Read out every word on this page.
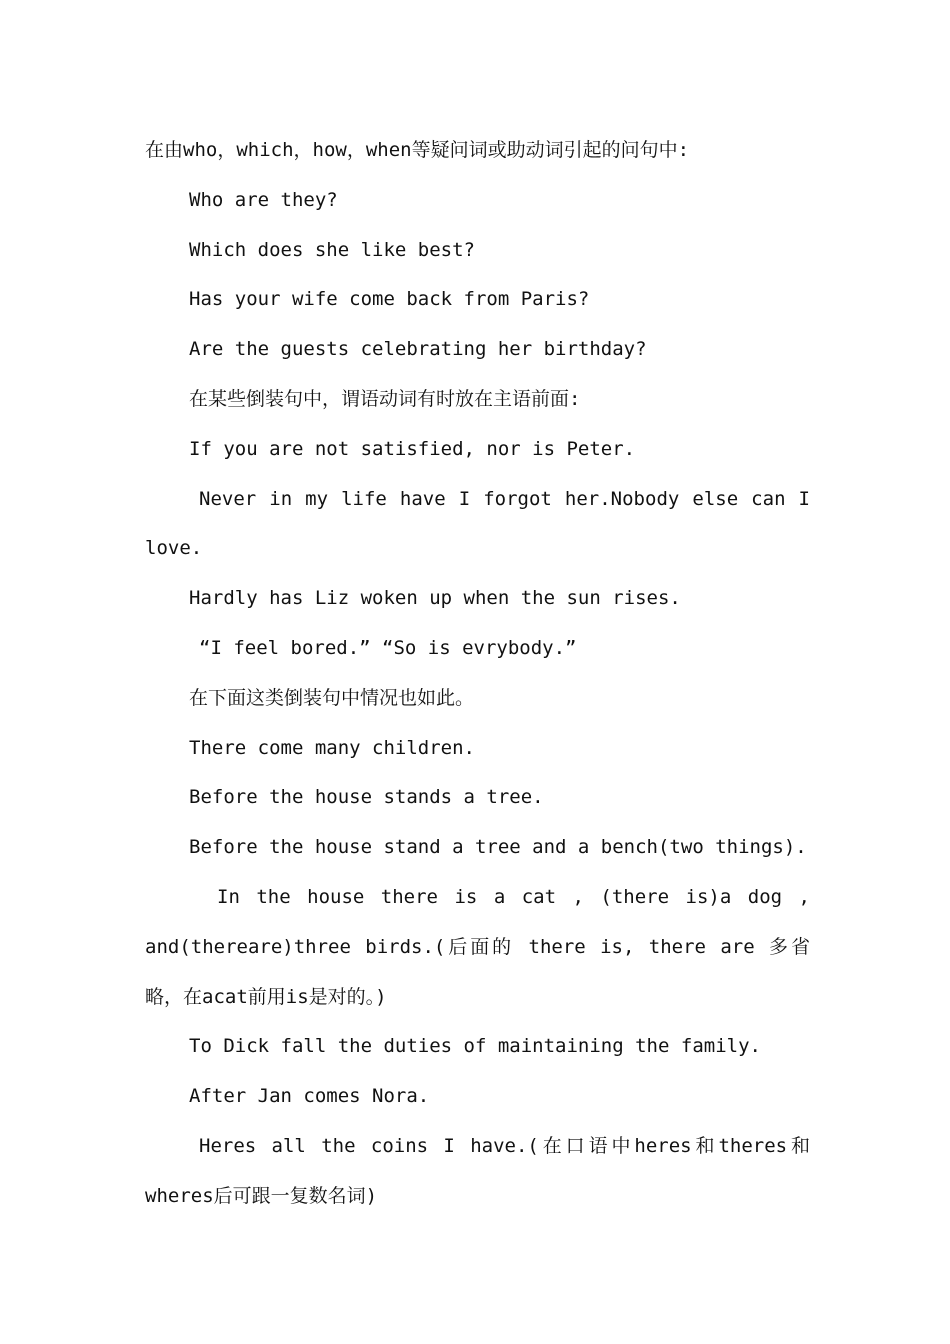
在由who，which，how，when等疑问词或助动词引起的问句中:
Who are they?
Which does she like best?
Has your wife come back from Paris?
Are the guests celebrating her birthday?
在某些倒装句中，谓语动词有时放在主语前面:
If you are not satisfied, nor is Peter.
Never in my life have I forgot her.Nobody else can I
love.
Hardly has Liz woken up when the sun rises.
“I feel bored.” “So is evrybody.”
在下面这类倒装句中情况也如此。
There come many children.
Before the house stands a tree.
Before the house stand a tree and a bench(two things).
In the house there is a cat , (there is)a dog ,
and(thereare)three birds.(后面的 there is, there are 多省
略，在acat前用is是对的。)
To Dick fall the duties of maintaining the family.
After Jan comes Nora.
Heres all the coins I have.(在口语中heres和theres和
wheres后可跟一复数名词)
